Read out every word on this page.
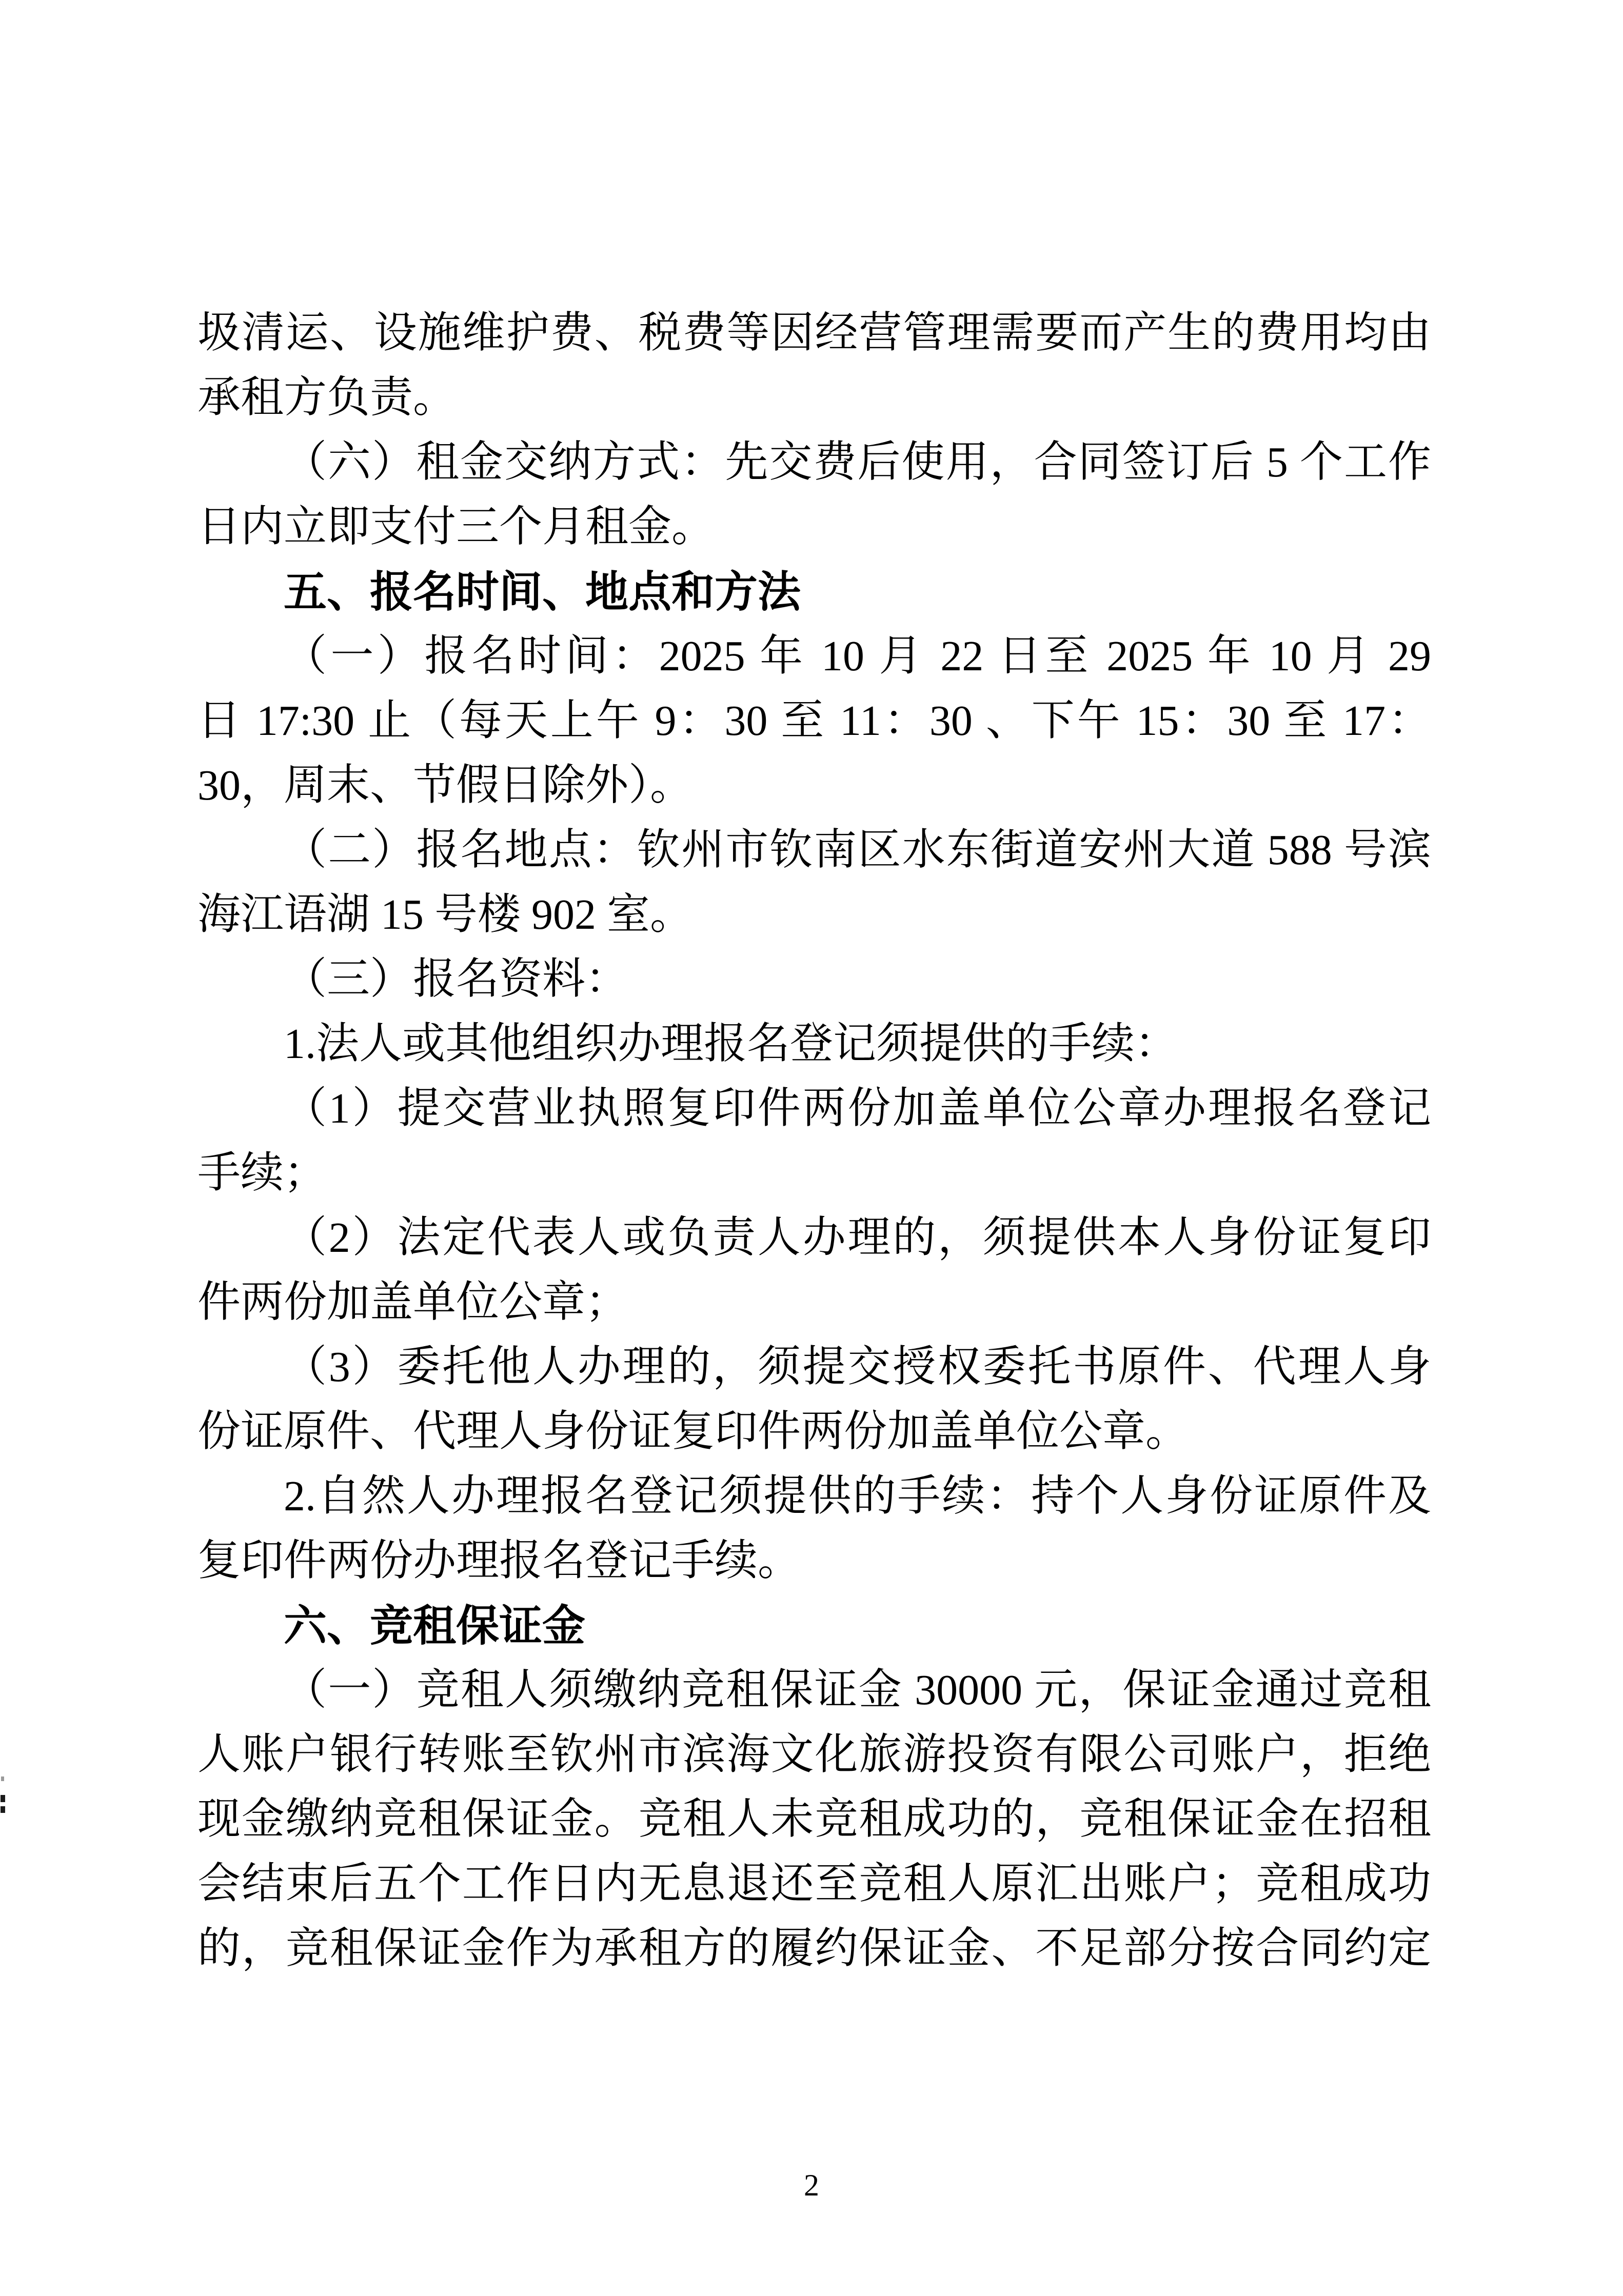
圾清运、设施维护费、税费等因经营管理需要而产生的费用均由
承租方负责。
（六）租金交纳方式：先交费后使用，合同签订后 5 个工作
日内立即支付三个月租金。
五、报名时间、地点和方法
（一）报名时间：2025 年 10 月 22 日至 2025 年 10 月 29
日 17:30 止（每天上午 9：30 至 11：30 、下午 15：30 至 17：
30，周末、节假日除外）。
（二）报名地点：钦州市钦南区水东街道安州大道 588 号滨
海江语湖 15 号楼 902 室。
（三）报名资料：
1.法人或其他组织办理报名登记须提供的手续：
（1）提交营业执照复印件两份加盖单位公章办理报名登记
手续；
（2）法定代表人或负责人办理的，须提供本人身份证复印
件两份加盖单位公章；
（3）委托他人办理的，须提交授权委托书原件、代理人身
份证原件、代理人身份证复印件两份加盖单位公章。
2.自然人办理报名登记须提供的手续：持个人身份证原件及
复印件两份办理报名登记手续。
六、竞租保证金
（一）竞租人须缴纳竞租保证金 30000 元，保证金通过竞租
人账户银行转账至钦州市滨海文化旅游投资有限公司账户，拒绝
现金缴纳竞租保证金。竞租人未竞租成功的，竞租保证金在招租
会结束后五个工作日内无息退还至竞租人原汇出账户；竞租成功
的，竞租保证金作为承租方的履约保证金、不足部分按合同约定
2
